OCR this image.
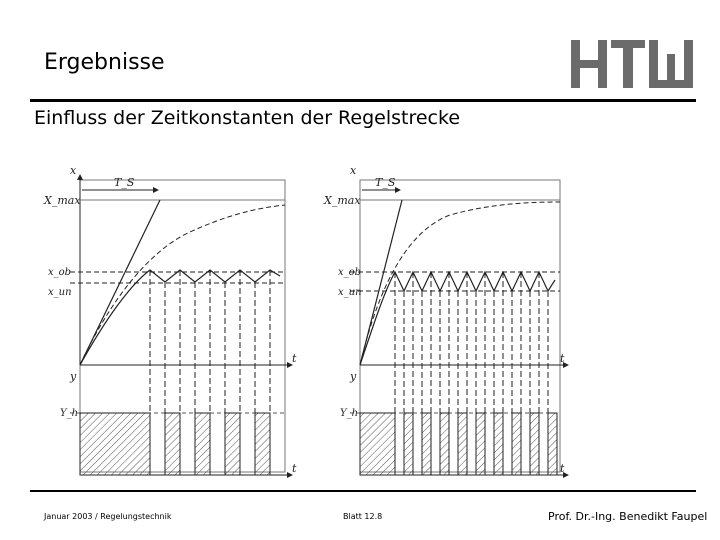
Ergebnisse
Einfluss der Zeitkonstanten der Regelstrecke
x
X_max
T_S
x_ob
x_un
t
y
Y_h
t
x
X_max
T_S
x_ob
x_un
t
y
Y_h
t
Januar 2003 / Regelungstechnik	Blatt 12.8	Prof. Dr.-Ing. Benedikt Faupel
